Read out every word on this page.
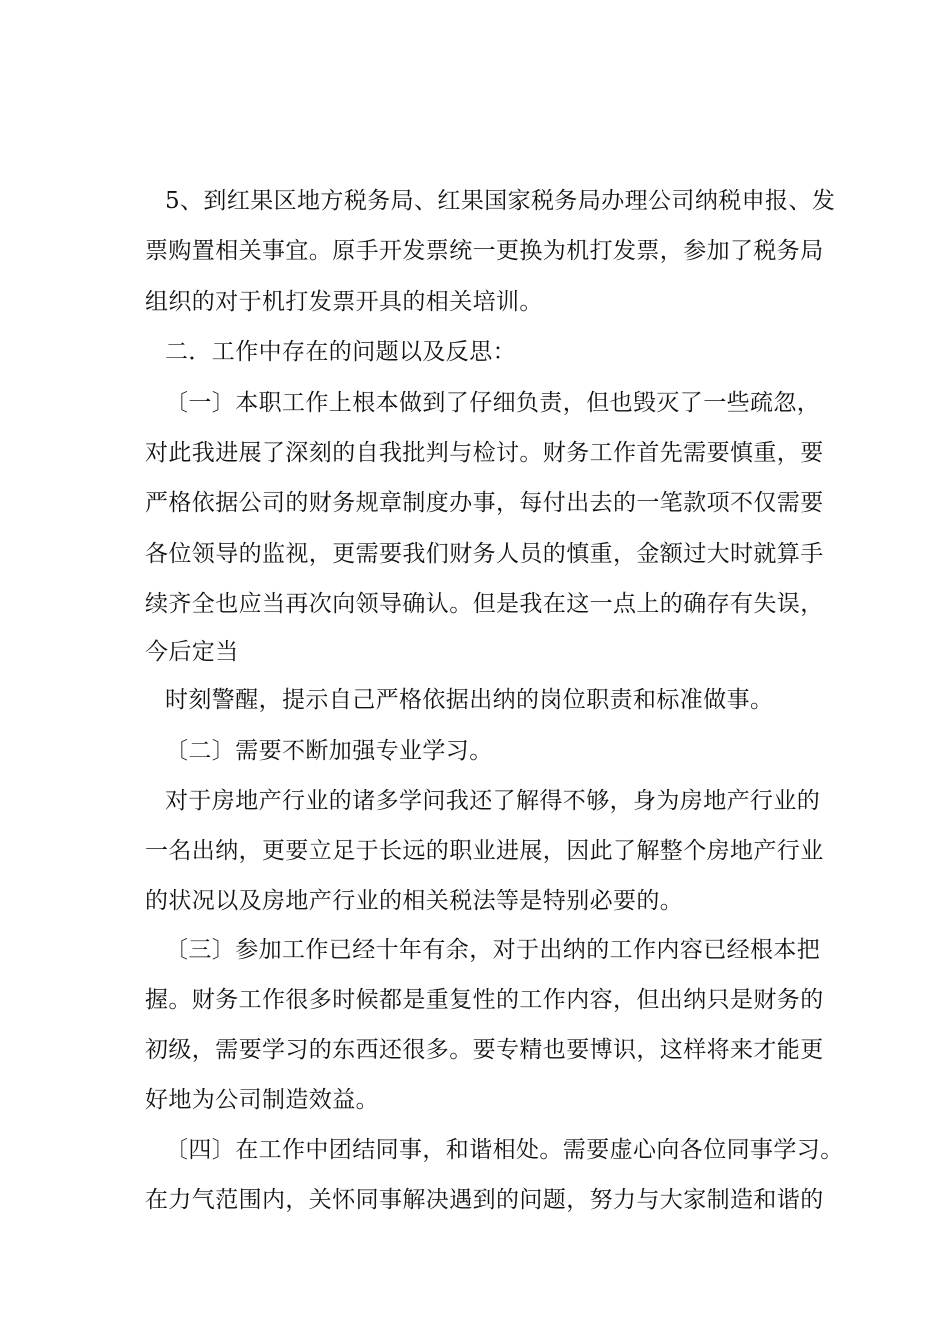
5、到红果区地方税务局、红果国家税务局办理公司纳税申报、发
票购置相关事宜。原手开发票统一更换为机打发票，参加了税务局
组织的对于机打发票开具的相关培训。
二．工作中存在的问题以及反思：
〔一〕本职工作上根本做到了仔细负责，但也毁灭了一些疏忽，
对此我进展了深刻的自我批判与检讨。财务工作首先需要慎重，要
严格依据公司的财务规章制度办事，每付出去的一笔款项不仅需要
各位领导的监视，更需要我们财务人员的慎重，金额过大时就算手
续齐全也应当再次向领导确认。但是我在这一点上的确存有失误，
今后定当
时刻警醒，提示自己严格依据出纳的岗位职责和标准做事。
〔二〕需要不断加强专业学习。
对于房地产行业的诸多学问我还了解得不够，身为房地产行业的
一名出纳，更要立足于长远的职业进展，因此了解整个房地产行业
的状况以及房地产行业的相关税法等是特别必要的。
〔三〕参加工作已经十年有余，对于出纳的工作内容已经根本把
握。财务工作很多时候都是重复性的工作内容，但出纳只是财务的
初级，需要学习的东西还很多。要专精也要博识，这样将来才能更
好地为公司制造效益。
〔四〕在工作中团结同事，和谐相处。需要虚心向各位同事学习。
在力气范围内，关怀同事解决遇到的问题，努力与大家制造和谐的
